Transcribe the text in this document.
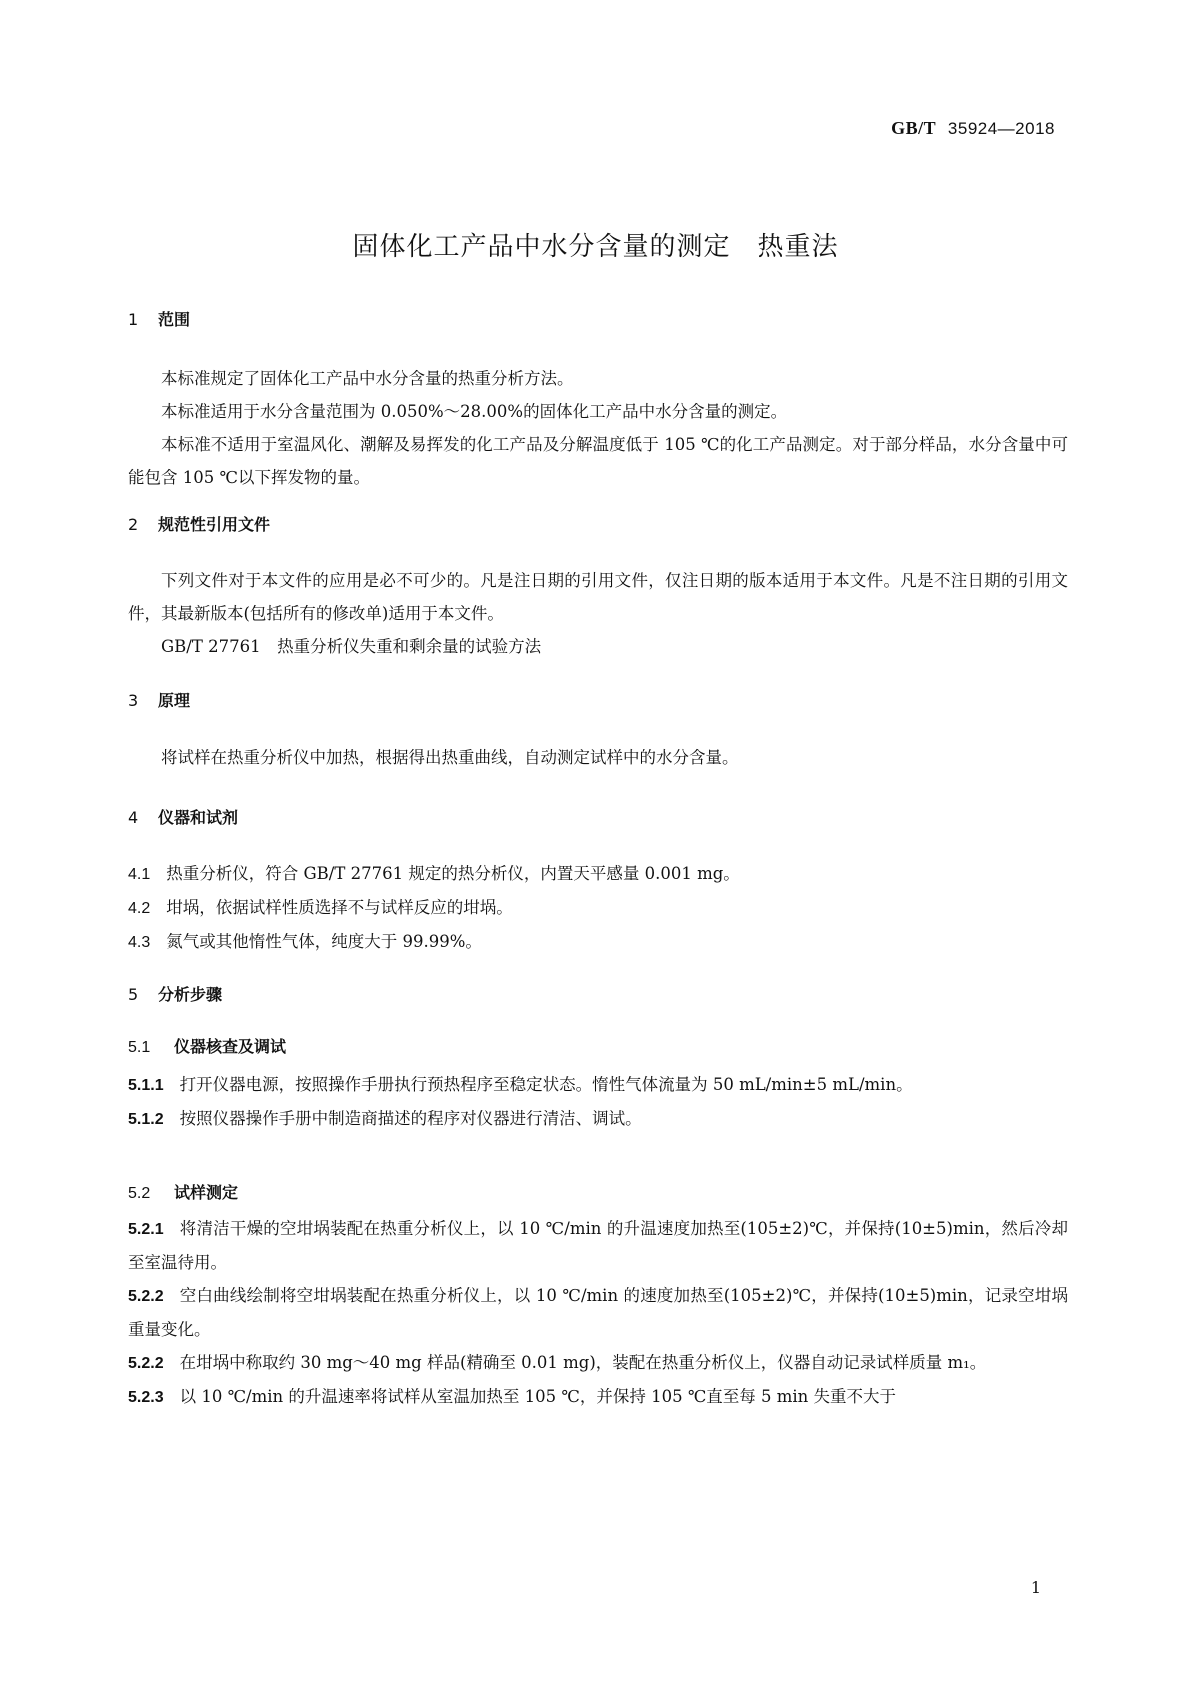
GB/T 35924—2018
固体化工产品中水分含量的测定　热重法
1 范围
本标准规定了固体化工产品中水分含量的热重分析方法。
本标准适用于水分含量范围为 0.050%～28.00%的固体化工产品中水分含量的测定。
本标准不适用于室温风化、潮解及易挥发的化工产品及分解温度低于 105 ℃的化工产品测定。对于部分样品，水分含量中可能包含 105 ℃以下挥发物的量。
2 规范性引用文件
下列文件对于本文件的应用是必不可少的。凡是注日期的引用文件，仅注日期的版本适用于本文件。凡是不注日期的引用文件，其最新版本(包括所有的修改单)适用于本文件。
GB/T 27761　热重分析仪失重和剩余量的试验方法
3 原理
将试样在热重分析仪中加热，根据得出热重曲线，自动测定试样中的水分含量。
4 仪器和试剂
4.1 热重分析仪，符合 GB/T 27761 规定的热分析仪，内置天平感量 0.001 mg。
4.2 坩埚，依据试样性质选择不与试样反应的坩埚。
4.3 氮气或其他惰性气体，纯度大于 99.99%。
5 分析步骤
5.1 仪器核查及调试
5.1.1 打开仪器电源，按照操作手册执行预热程序至稳定状态。惰性气体流量为 50 mL/min±5 mL/min。
5.1.2 按照仪器操作手册中制造商描述的程序对仪器进行清洁、调试。
5.2 试样测定
5.2.1 将清洁干燥的空坩埚装配在热重分析仪上，以 10 ℃/min 的升温速度加热至(105±2)℃，并保持(10±5)min，然后冷却至室温待用。
5.2.2 空白曲线绘制将空坩埚装配在热重分析仪上，以 10 ℃/min 的速度加热至(105±2)℃，并保持(10±5)min，记录空坩埚重量变化。
5.2.2 在坩埚中称取约 30 mg～40 mg 样品(精确至 0.01 mg)，装配在热重分析仪上，仪器自动记录试样质量 m₁。
5.2.3 以 10 ℃/min 的升温速率将试样从室温加热至 105 ℃，并保持 105 ℃直至每 5 min 失重不大于
1
